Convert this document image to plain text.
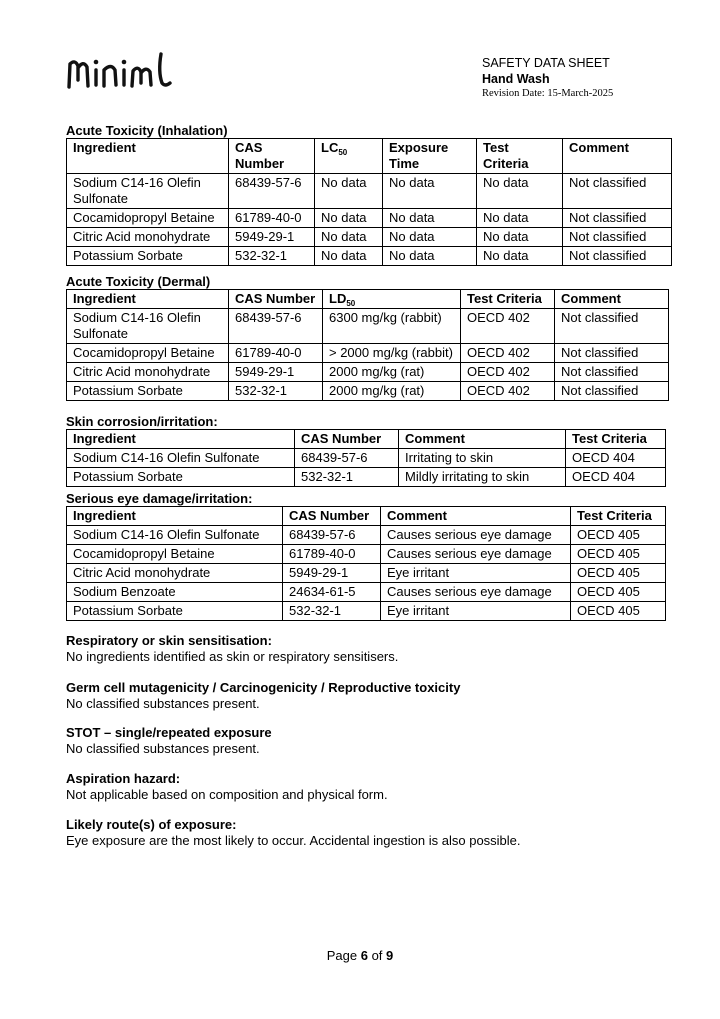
SAFETY DATA SHEET
Hand Wash
Revision Date: 15-March-2025
Acute Toxicity (Inhalation)
Ingredient	CAS Number	$LC_{50}$	Exposure Time	Test Criteria	Comment
Sodium C14-16 Olefin Sulfonate	68439-57-6	No data	No data	No data	Not classified
Cocamidopropyl Betaine	61789-40-0	No data	No data	No data	Not classified
Citric Acid monohydrate	5949-29-1	No data	No data	No data	Not classified
Potassium Sorbate	532-32-1	No data	No data	No data	Not classified
Acute Toxicity (Dermal)
Ingredient	CAS Number	$LD_{50}$	Test Criteria	Comment
Sodium C14-16 Olefin Sulfonate	68439-57-6	6300 mg/kg (rabbit)	OECD 402	Not classified
Cocamidopropyl Betaine	61789-40-0	> 2000 mg/kg (rabbit)	OECD 402	Not classified
Citric Acid monohydrate	5949-29-1	2000 mg/kg (rat)	OECD 402	Not classified
Potassium Sorbate	532-32-1	2000 mg/kg (rat)	OECD 402	Not classified
Skin corrosion/irritation:
Ingredient	CAS Number	Comment	Test Criteria
Sodium C14-16 Olefin Sulfonate	68439-57-6	Irritating to skin	OECD 404
Potassium Sorbate	532-32-1	Mildly irritating to skin	OECD 404
Serious eye damage/irritation:
Ingredient	CAS Number	Comment	Test Criteria
Sodium C14-16 Olefin Sulfonate	68439-57-6	Causes serious eye damage	OECD 405
Cocamidopropyl Betaine	61789-40-0	Causes serious eye damage	OECD 405
Citric Acid monohydrate	5949-29-1	Eye irritant	OECD 405
Sodium Benzoate	24634-61-5	Causes serious eye damage	OECD 405
Potassium Sorbate	532-32-1	Eye irritant	OECD 405
Respiratory or skin sensitisation:
No ingredients identified as skin or respiratory sensitisers.
Germ cell mutagenicity / Carcinogenicity / Reproductive toxicity
No classified substances present.
STOT – single/repeated exposure
No classified substances present.
Aspiration hazard:
Not applicable based on composition and physical form.
Likely route(s) of exposure:
Eye exposure are the most likely to occur. Accidental ingestion is also possible.
Page 6 of 9
